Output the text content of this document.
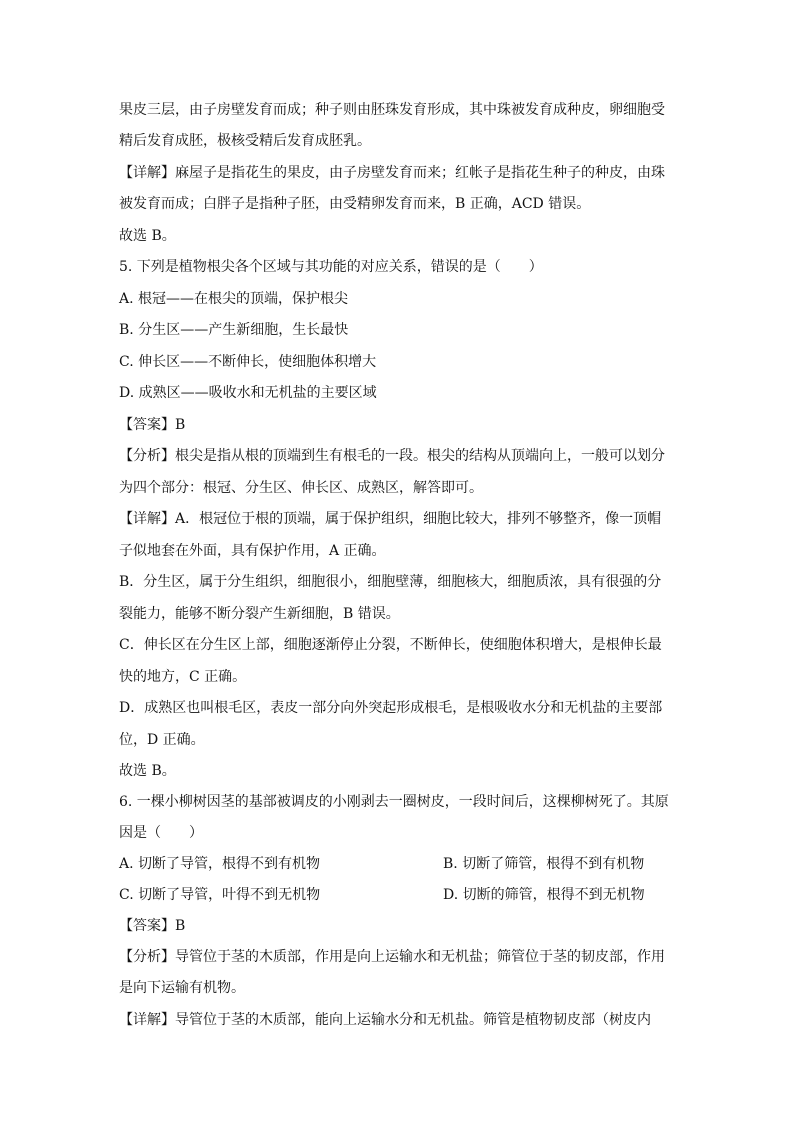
果皮三层，由子房壁发育而成；种子则由胚珠发育形成，其中珠被发育成种皮，卵细胞受
精后发育成胚，极核受精后发育成胚乳。
【详解】麻屋子是指花生的果皮，由子房壁发育而来；红帐子是指花生种子的种皮，由珠
被发育而成；白胖子是指种子胚，由受精卵发育而来，B 正确，ACD 错误。
故选 B。
5. 下列是植物根尖各个区域与其功能的对应关系，错误的是（　　）
A. 根冠——在根尖的顶端，保护根尖
B. 分生区——产生新细胞，生长最快
C. 伸长区——不断伸长，使细胞体积增大
D. 成熟区——吸收水和无机盐的主要区域
【答案】B
【分析】根尖是指从根的顶端到生有根毛的一段。根尖的结构从顶端向上，一般可以划分
为四个部分：根冠、分生区、伸长区、成熟区，解答即可。
【详解】A．根冠位于根的顶端，属于保护组织，细胞比较大，排列不够整齐，像一顶帽
子似地套在外面，具有保护作用，A 正确。
B．分生区，属于分生组织，细胞很小，细胞壁薄，细胞核大，细胞质浓，具有很强的分
裂能力，能够不断分裂产生新细胞，B 错误。
C．伸长区在分生区上部，细胞逐渐停止分裂，不断伸长，使细胞体积增大，是根伸长最
快的地方，C 正确。
D．成熟区也叫根毛区，表皮一部分向外突起形成根毛，是根吸收水分和无机盐的主要部
位，D 正确。
故选 B。
6. 一棵小柳树因茎的基部被调皮的小刚剥去一圈树皮，一段时间后，这棵柳树死了。其原
因是（　　）
A. 切断了导管，根得不到有机物	B. 切断了筛管，根得不到有机物
C. 切断了导管，叶得不到无机物	D. 切断的筛管，根得不到无机物
【答案】B
【分析】导管位于茎的木质部，作用是向上运输水和无机盐；筛管位于茎的韧皮部，作用
是向下运输有机物。
【详解】导管位于茎的木质部，能向上运输水分和无机盐。筛管是植物韧皮部（树皮内
